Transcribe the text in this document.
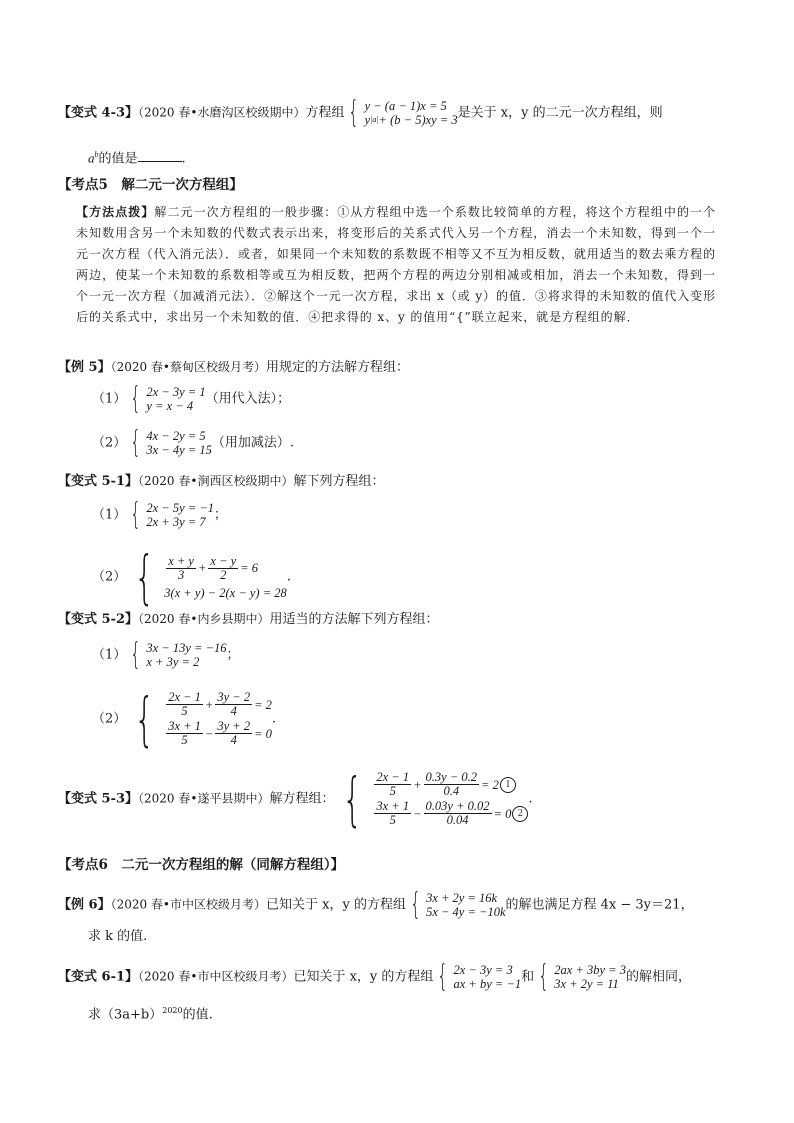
【变式 4-3】（2020 春•水磨沟区校级期中）方程组 { y − (a − 1)x = 5
y |a| + (b − 5)xy = 3 是关于 x，y 的二元一次方程组，则
$a^b$的值是	.
【考点5　解二元一次方程组】
【方法点拨】解二元一次方程组的一般步骤：①从方程组中选一个系数比较简单的方程，将这个方程组中的一个未知数用含另一个未知数的代数式表示出来，将变形后的关系式代入另一个方程，消去一个未知数，得到一个一元一次方程（代入消元法）．或者，如果同一个未知数的系数既不相等又不互为相反数，就用适当的数去乘方程的两边，使某一个未知数的系数相等或互为相反数，把两个方程的两边分别相减或相加，消去一个未知数，得到一个一元一次方程（加减消元法）．②解这个一元一次方程，求出 x（或 y）的值．③将求得的未知数的值代入变形后的关系式中，求出另一个未知数的值．④把求得的 x、y 的值用“{”联立起来，就是方程组的解．
【例 5】（2020 春•蔡甸区校级月考）用规定的方法解方程组：
（1） { 2x − 3y = 1
y = x − 4 （用代入法）；
（2） { 4x − 2y = 5
3x − 4y = 15 （用加减法）.
【变式 5-1】（2020 春•涧西区校级期中）解下列方程组：
（1） { 2x − 5y = −1
2x + 3y = 7 ；
（2） { $\frac{x + y}{3} + \frac{x - y}{2} = 6$
3(x + y) − 2(x − y) = 28
.
【变式 5-2】（2020 春•内乡县期中）用适当的方法解下列方程组：
（1） { 3x − 13y = −16
x + 3y = 2	；
（2） { $\frac{2x - 1}{5} + \frac{3y - 2}{4} = 2$
$\frac{3x + 1}{5} - \frac{3y + 2}{4} = 0$
.
【变式 5-3】（2020 春•遂平县期中）解方程组： { $\frac{2x - 1}{5} + \frac{0.3y - 0.2}{0.4} = 2$ 1
$\frac{3x + 1}{5} - \frac{0.03y + 0.02}{0.04} = 0$ 2
.
【考点6　二元一次方程组的解（同解方程组）】
【例 6】（2020 春•市中区校级月考）已知关于 x，y 的方程组 { 3x + 2y = 16k
5x − 4y = −10k 的解也满足方程 4x − 3y＝21，
求 k 的值.
【变式 6-1】（2020 春•市中区校级月考）已知关于 x，y 的方程组 { 2x − 3y = 3
ax + by = −1 和 { 2ax + 3by = 3
3x + 2y = 11 的解相同，
求$(3a+b)^{2020}$的值.
